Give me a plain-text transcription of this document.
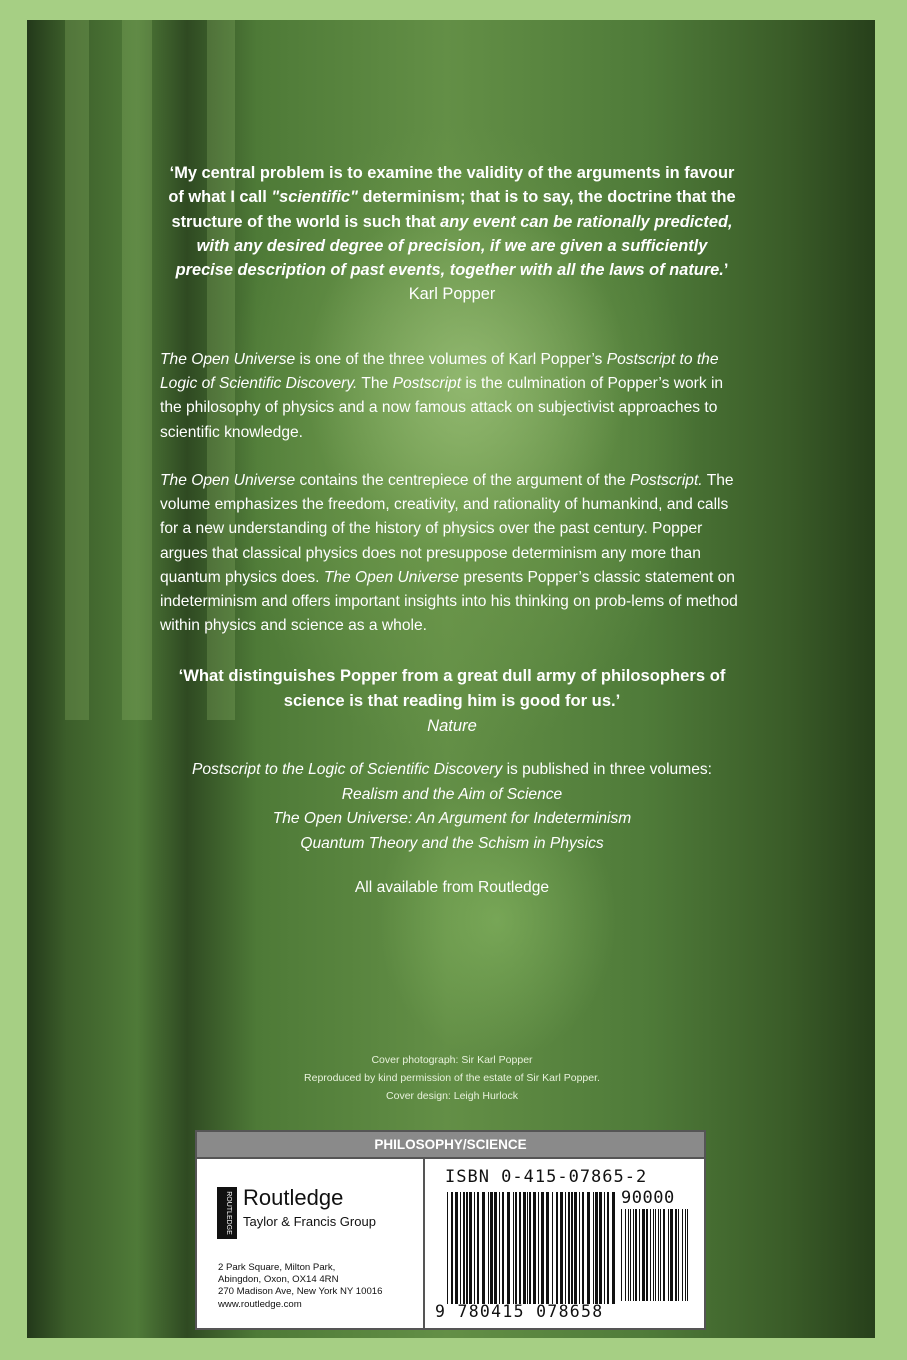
‘My central problem is to examine the validity of the arguments in favour of what I call "scientific" determinism; that is to say, the doctrine that the structure of the world is such that any event can be rationally predicted, with any desired degree of precision, if we are given a sufficiently precise description of past events, together with all the laws of nature.’
Karl Popper
The Open Universe is one of the three volumes of Karl Popper’s Postscript to the Logic of Scientific Discovery. The Postscript is the culmination of Popper’s work in the philosophy of physics and a now famous attack on subjectivist approaches to scientific knowledge.
The Open Universe contains the centrepiece of the argument of the Postscript. The volume emphasizes the freedom, creativity, and rationality of humankind, and calls for a new understanding of the history of physics over the past century. Popper argues that classical physics does not presuppose determinism any more than quantum physics does. The Open Universe presents Popper’s classic statement on indeterminism and offers important insights into his thinking on prob-lems of method within physics and science as a whole.
‘What distinguishes Popper from a great dull army of philosophers of science is that reading him is good for us.’
Nature
Postscript to the Logic of Scientific Discovery is published in three volumes:
Realism and the Aim of Science
The Open Universe: An Argument for Indeterminism
Quantum Theory and the Schism in Physics
All available from Routledge
Cover photograph: Sir Karl Popper
Reproduced by kind permission of the estate of Sir Karl Popper.
Cover design: Leigh Hurlock
PHILOSOPHY/SCIENCE
ROUTLEDGE Routledge
Taylor & Francis Group
2 Park Square, Milton Park,
Abingdon, Oxon, OX14 4RN
270 Madison Ave, New York NY 10016
www.routledge.com
ISBN 0-415-07865-2
90000
9 780415 078658
